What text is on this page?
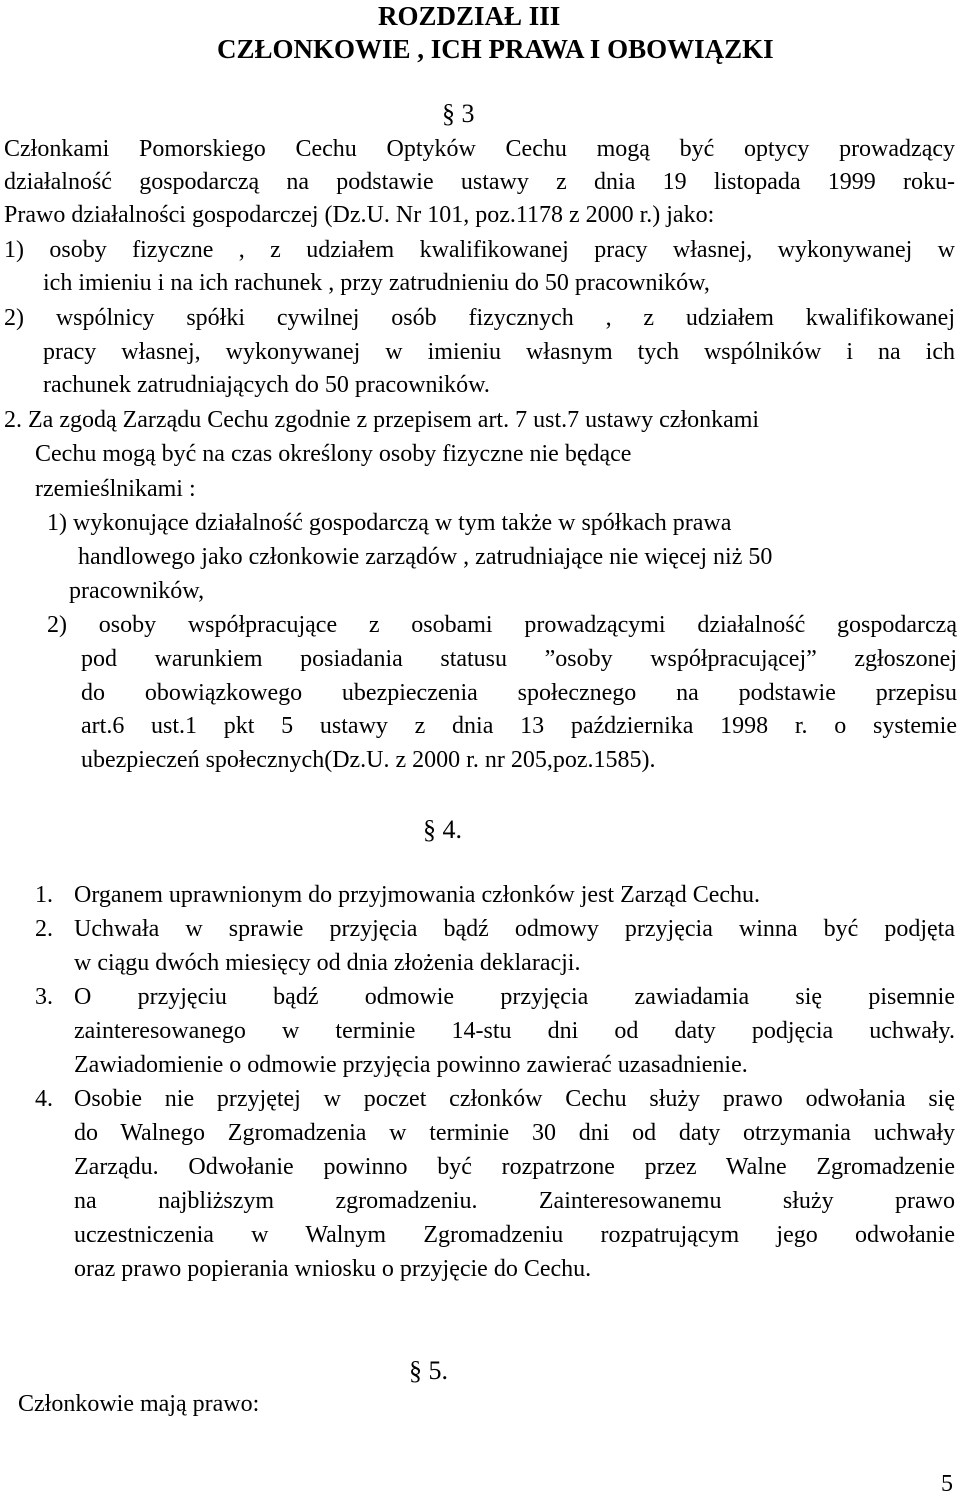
ROZDZIAŁ III
CZŁONKOWIE , ICH PRAWA I OBOWIĄZKI
§ 3
Członkami Pomorskiego Cechu Optyków Cechu mogą być optycy prowadzący
działalność gospodarczą na podstawie ustawy z dnia 19 listopada 1999 roku-
Prawo działalności gospodarczej (Dz.U. Nr 101, poz.1178 z 2000 r.) jako:
1) osoby fizyczne , z udziałem kwalifikowanej pracy własnej, wykonywanej w
ich imieniu i na ich rachunek , przy zatrudnieniu do 50 pracowników,
2) wspólnicy spółki cywilnej osób fizycznych , z udziałem kwalifikowanej
pracy własnej, wykonywanej w imieniu własnym tych wspólników i na ich
rachunek zatrudniających do 50 pracowników.
2. Za zgodą Zarządu Cechu zgodnie z przepisem art. 7 ust.7 ustawy członkami
Cechu mogą być na czas określony osoby fizyczne nie będące
rzemieślnikami :
1) wykonujące działalność gospodarczą w tym także w spółkach prawa
handlowego jako członkowie zarządów , zatrudniające nie więcej niż 50
pracowników,
2) osoby współpracujące z osobami prowadzącymi działalność gospodarczą
pod warunkiem posiadania statusu ”osoby współpracującej” zgłoszonej
do obowiązkowego ubezpieczenia społecznego na podstawie przepisu
art.6 ust.1 pkt 5 ustawy z dnia 13 października 1998 r. o systemie
ubezpieczeń społecznych(Dz.U. z 2000 r. nr 205,poz.1585).
§ 4.
1. Organem uprawnionym do przyjmowania członków jest Zarząd Cechu.
2. Uchwała w sprawie przyjęcia bądź odmowy przyjęcia winna być podjęta
w ciągu dwóch miesięcy od dnia złożenia deklaracji.
3. O przyjęciu bądź odmowie przyjęcia zawiadamia się pisemnie
zainteresowanego w terminie 14-stu dni od daty podjęcia uchwały.
Zawiadomienie o odmowie przyjęcia powinno zawierać uzasadnienie.
4. Osobie nie przyjętej w poczet członków Cechu służy prawo odwołania się
do Walnego Zgromadzenia w terminie 30 dni od daty otrzymania uchwały
Zarządu. Odwołanie powinno być rozpatrzone przez Walne Zgromadzenie
na najbliższym zgromadzeniu. Zainteresowanemu służy prawo
uczestniczenia w Walnym Zgromadzeniu rozpatrującym jego odwołanie
oraz prawo popierania wniosku o przyjęcie do Cechu.
§ 5.
Członkowie mają prawo:
5
